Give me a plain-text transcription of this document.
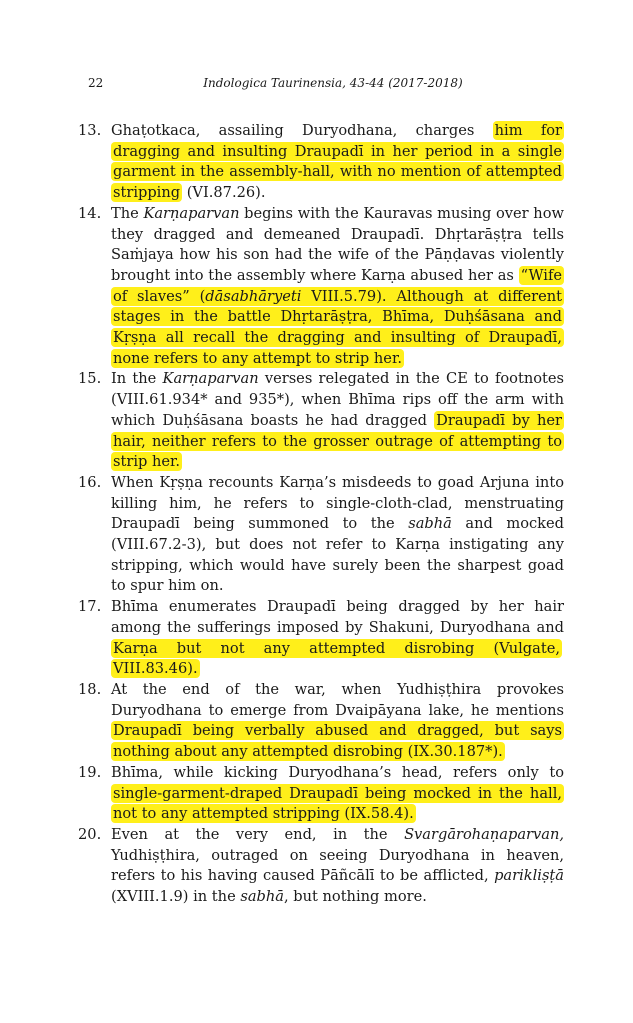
22	Indologica Taurinensia, 43-44 (2017-2018)
13. Ghaṭotkaca, assailing Duryodhana, charges him for dragging and insulting Draupadī in her period in a single garment in the assembly-hall, with no mention of attempted stripping (VI.87.26).

14. The Karṇaparvan begins with the Kauravas musing over how they dragged and demeaned Draupadī. Dhṛtarāṣṭra tells Saṁjaya how his son had the wife of the Pāṇḍavas violently brought into the assembly where Karṇa abused her as “Wife of slaves” (dāsabhāryeti VIII.5.79). Although at different stages in the battle Dhṛtarāṣṭra, Bhīma, Duḥśāsana and Kṛṣṇa all recall the dragging and insulting of Draupadī, none refers to any attempt to strip her.

15. In the Karṇaparvan verses relegated in the CE to footnotes (VIII.61.934* and 935*), when Bhīma rips off the arm with which Duḥśāsana boasts he had dragged Draupadī by her hair, neither refers to the grosser outrage of attempting to strip her.

16. When Kṛṣṇa recounts Karṇa’s misdeeds to goad Arjuna into killing him, he refers to single-cloth-clad, menstruating Draupadī being summoned to the sabhā and mocked (VIII.67.2-3), but does not refer to Karṇa instigating any stripping, which would have surely been the sharpest goad to spur him on.

17. Bhīma enumerates Draupadī being dragged by her hair among the sufferings imposed by Shakuni, Duryodhana and Karṇa but not any attempted disrobing (Vulgate, VIII.83.46).

18. At the end of the war, when Yudhiṣṭhira provokes Duryodhana to emerge from Dvaipāyana lake, he mentions Draupadī being verbally abused and dragged, but says nothing about any attempted disrobing (IX.30.187*).

19. Bhīma, while kicking Duryodhana’s head, refers only to single-garment-draped Draupadī being mocked in the hall, not to any attempted stripping (IX.58.4).

20. Even at the very end, in the Svargārohaṇaparvan, Yudhiṣṭhira, outraged on seeing Duryodhana in heaven, refers to his having caused Pāñcālī to be afflicted, parikliṣṭā (XVIII.1.9) in the sabhā, but nothing more.
